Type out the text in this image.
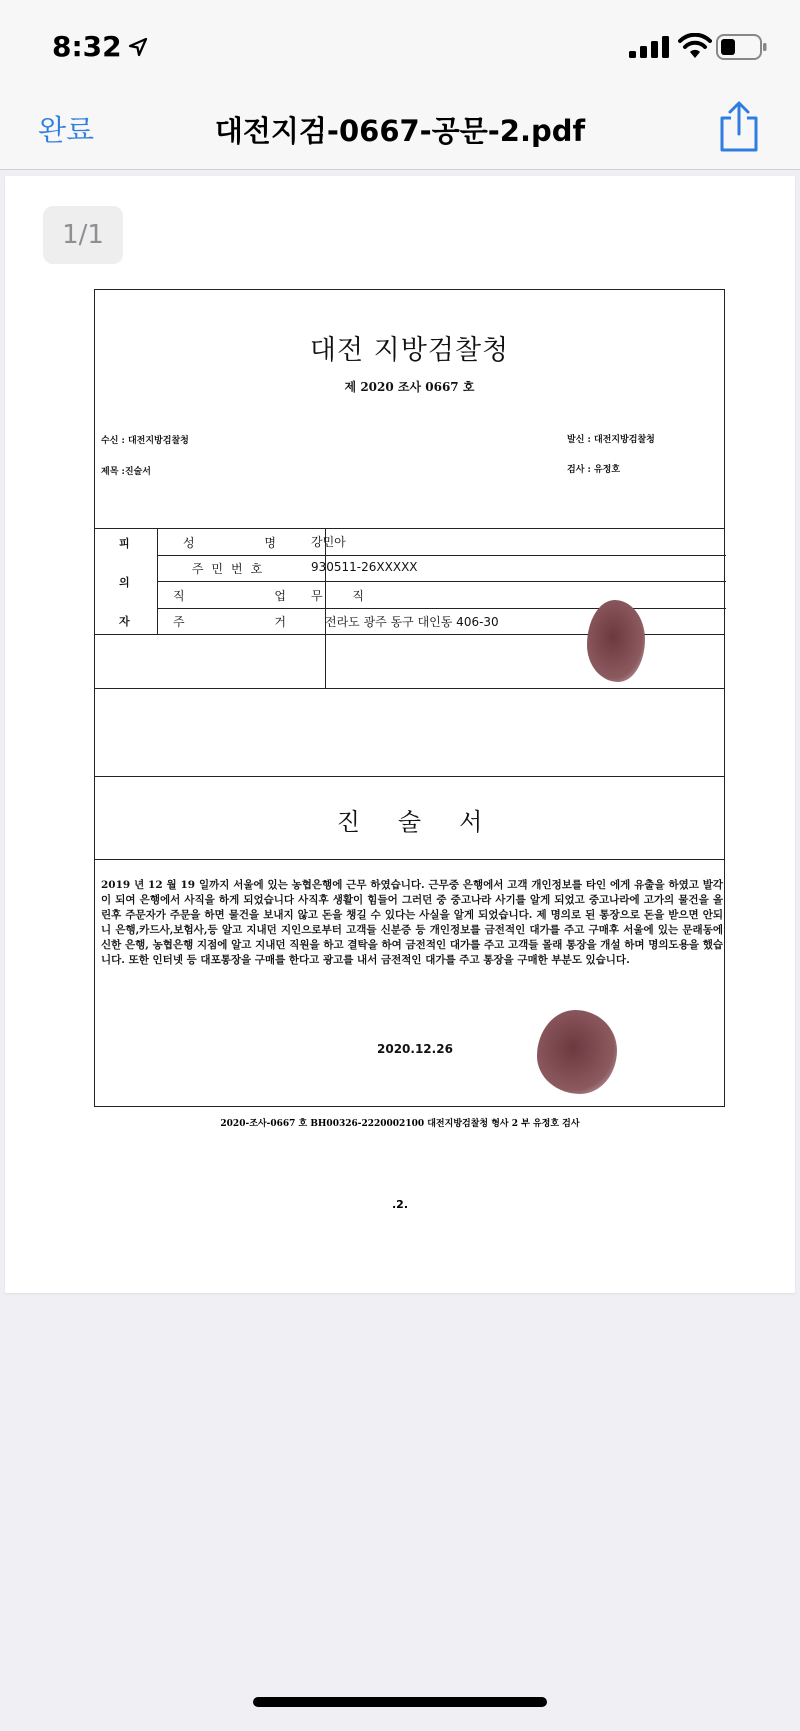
8:32
완료	대전지검-0667-공문-2.pdf
1/1
대전 지방검찰청
제 2020 조사 0667 호
수신 : 대전지방검찰청
제목 :진술서
발신 : 대전지방검찰청
검사 : 유정호
피
의
자
성 명	강민아
주민번호	930511-26XXXXX
직 업	무 직
주 거	전라도 광주 동구 대인동 406-30
진술서
2019 년 12 월 19 일까지 서울에 있는 농협은행에 근무 하였습니다. 근무중 은행에서 고객 개인정보를 타인 에게 유출을 하였고 발각이 되여 은행에서 사직을 하게 되었습니다 사직후 생활이 힘들어 그러던 중 중고나라 사기를 알게 되었고 중고나라에 고가의 물건을 올린후 주문자가 주문을 하면 물건을 보내지 않고 돈을 챙길 수 있다는 사실을 알게 되었습니다. 제 명의로 된 통장으로 돈을 받으면 안되니 은행,카드사,보험사,등 알고 지내던 지인으로부터 고객들 신분증 등 개인정보를 금전적인 대가를 주고 구매후 서울에 있는 문래동에 신한 은행, 농협은행 지점에 알고 지내던 직원을 하고 결탁을 하여 금전적인 대가를 주고 고객들 몰래 통장을 개설 하며 명의도용을 했습니다. 또한 인터넷 등 대포통장을 구매를 한다고 광고를 내서 금전적인 대가를 주고 통장을 구매한 부분도 있습니다.
2020.12.26
2020-조사-0667 호 BH00326-2220002100 대전지방검찰청 형사 2 부 유정호 검사
.2.
